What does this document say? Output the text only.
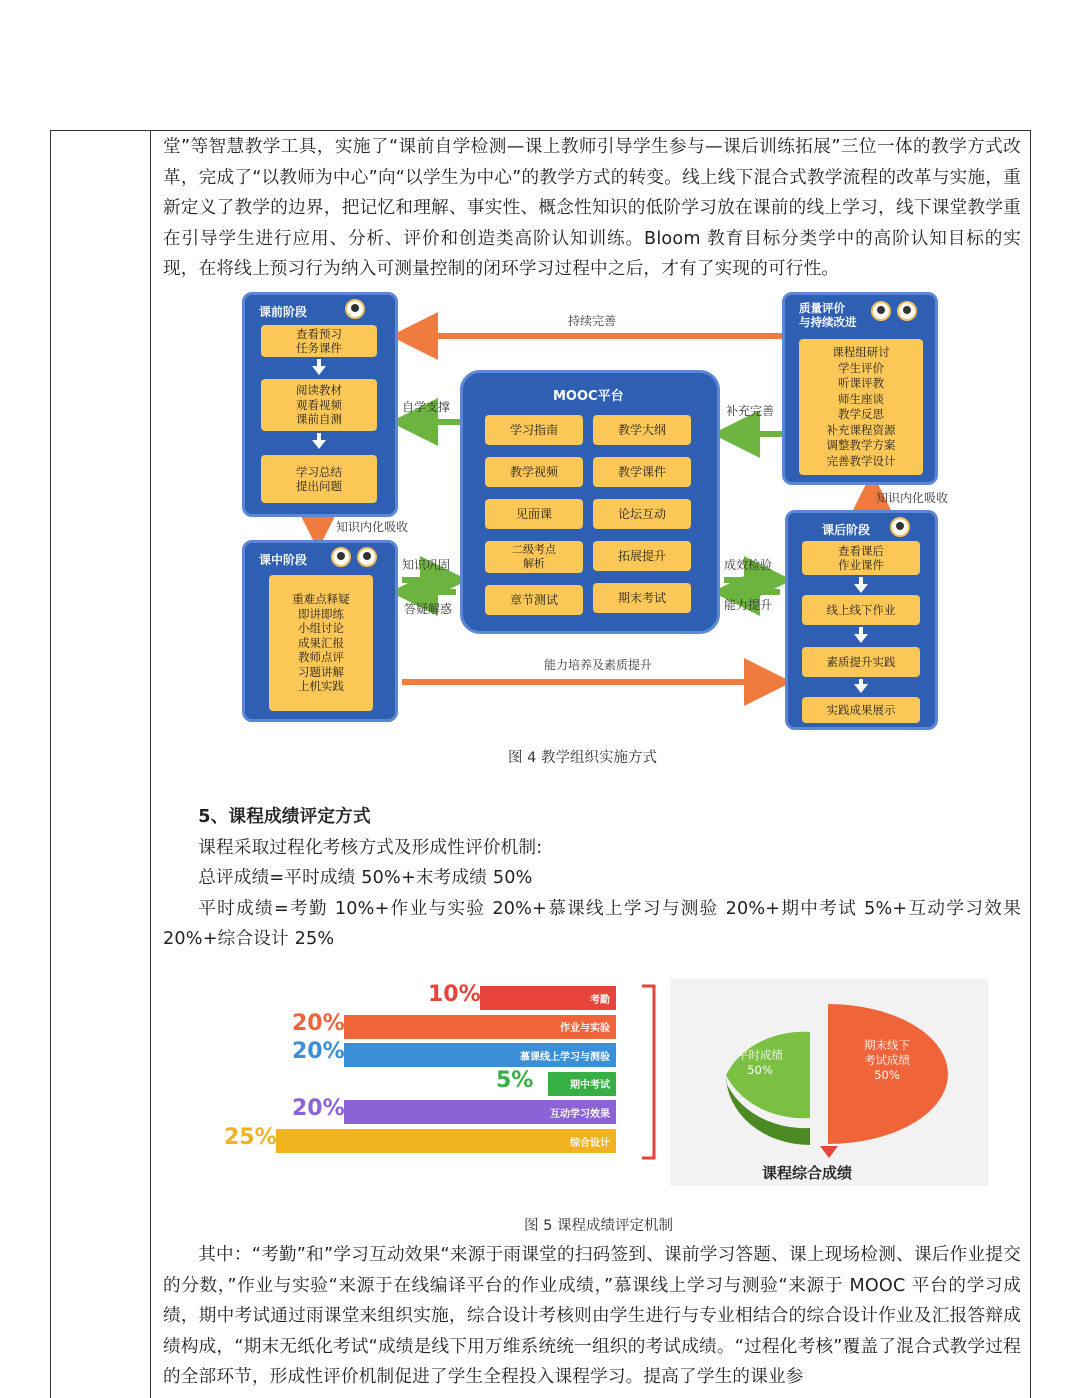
堂”等智慧教学工具，实施了“课前自学检测—课上教师引导学生参与—课后训练拓展”三位一体的教学方式改革，完成了“以教师为中心”向“以学生为中心”的教学方式的转变。线上线下混合式教学流程的改革与实施，重新定义了教学的边界，把记忆和理解、事实性、概念性知识的低阶学习放在课前的线上学习，线下课堂教学重在引导学生进行应用、分析、评价和创造类高阶认知训练。Bloom 教育目标分类学中的高阶认知目标的实现，在将线上预习行为纳入可测量控制的闭环学习过程中之后，才有了实现的可行性。

课前阶段
查看预习
任务课件
阅读教材
观看视频
课前自测
学习总结
提出问题
课中阶段
重难点释疑
即讲即练
小组讨论
成果汇报
教师点评
习题讲解
上机实践
MOOC平台
学习指南	教学大纲
教学视频	教学课件
见面课	论坛互动
二级考点
解析
拓展提升
章节测试	期末考试
质量评价
与持续改进
课程组研讨
学生评价
听课评教
师生座谈
教学反思
补充课程资源
调整教学方案
完善教学设计
课后阶段
查看课后
作业课件
线上线下作业
素质提升实践
实践成果展示
持续完善
自学支撑	补充完善
知识内化吸收
知识内化吸收
知识巩固
答疑解惑
成效检验
能力提升
能力培养及素质提升
图 4 教学组织实施方式

5、课程成绩评定方式

课程采取过程化考核方式及形成性评价机制:

总评成绩=平时成绩 50%+末考成绩 50%

平时成绩=考勤 10%+作业与实验 20%+慕课线上学习与测验 20%+期中考试 5%+互动学习效果 20%+综合设计 25%

考勤
10%
作业与实验
20%
慕课线上学习与测验
20%
期中考试
5%
互动学习效果
20%
综合设计
25%
平时成绩
50%
期末线下
考试成绩
50%
课程综合成绩
图 5 课程成绩评定机制

其中：“考勤”和”学习互动效果“来源于雨课堂的扫码签到、课前学习答题、课上现场检测、课后作业提交的分数，”作业与实验“来源于在线编译平台的作业成绩，”慕课线上学习与测验“来源于 MOOC 平台的学习成绩，期中考试通过雨课堂来组织实施，综合设计考核则由学生进行与专业相结合的综合设计作业及汇报答辩成绩构成，“期末无纸化考试“成绩是线下用万维系统统一组织的考试成绩。“过程化考核”覆盖了混合式教学过程的全部环节，形成性评价机制促进了学生全程投入课程学习。提高了学生的课业参
